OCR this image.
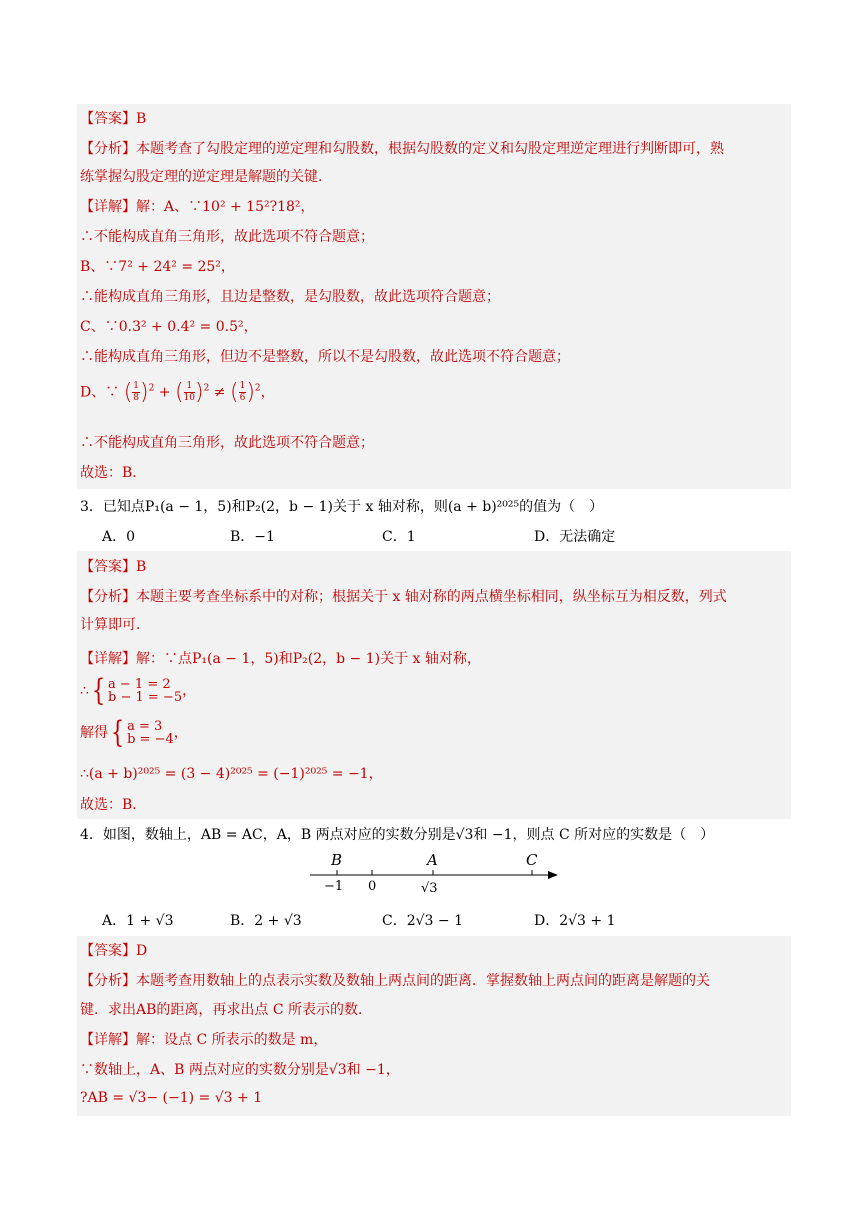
【答案】B
【分析】本题考查了勾股定理的逆定理和勾股数，根据勾股数的定义和勾股定理逆定理进行判断即可，熟
练掌握勾股定理的逆定理是解题的关键．
【详解】解：A、∵10² + 15²?18²，
∴不能构成直角三角形，故此选项不符合题意；
B、∵7² + 24² = 25²，
∴能构成直角三角形，且边是整数，是勾股数，故此选项符合题意；
C、∵0.3² + 0.4² = 0.5²，
∴能构成直角三角形，但边不是整数，所以不是勾股数，故此选项不符合题意；
D、∵ ( $\frac{1}{8} )^2$ + ( $\frac{1}{10} )^2$ ≠ ( $\frac{1}{6} )^2$，
∴不能构成直角三角形，故此选项不符合题意；
故选：B．
3．已知点P₁(a − 1，5)和P₂(2，b − 1)关于 x 轴对称，则(a + b)²⁰²⁵的值为（　）
A．0	B．−1	C．1	D．无法确定
【答案】B
【分析】本题主要考查坐标系中的对称；根据关于 x 轴对称的两点横坐标相同，纵坐标互为相反数，列式
计算即可．
【详解】解：∵点P₁(a − 1，5)和P₂(2，b − 1)关于 x 轴对称，
∴{ a − 1 = 2
b − 1 = −5 ，
解得{ a = 3
b = −4 ，
∴(a + b)²⁰²⁵ = (3 − 4)²⁰²⁵ = (−1)²⁰²⁵ = −1，
故选：B．
4．如图，数轴上，AB = AC，A，B 两点对应的实数分别是√3和 −1，则点 C 所对应的实数是（　）
B	A	C
−1 0	√3
A．1 + √3	B．2 + √3	C．2√3 − 1	D．2√3 + 1
【答案】D
【分析】本题考查用数轴上的点表示实数及数轴上两点间的距离．掌握数轴上两点间的距离是解题的关
键．求出AB的距离，再求出点 C 所表示的数．
【详解】解：设点 C 所表示的数是 m，
∵数轴上，A、B 两点对应的实数分别是√3和 −1，
?AB = √3− (−1) = √3 + 1
